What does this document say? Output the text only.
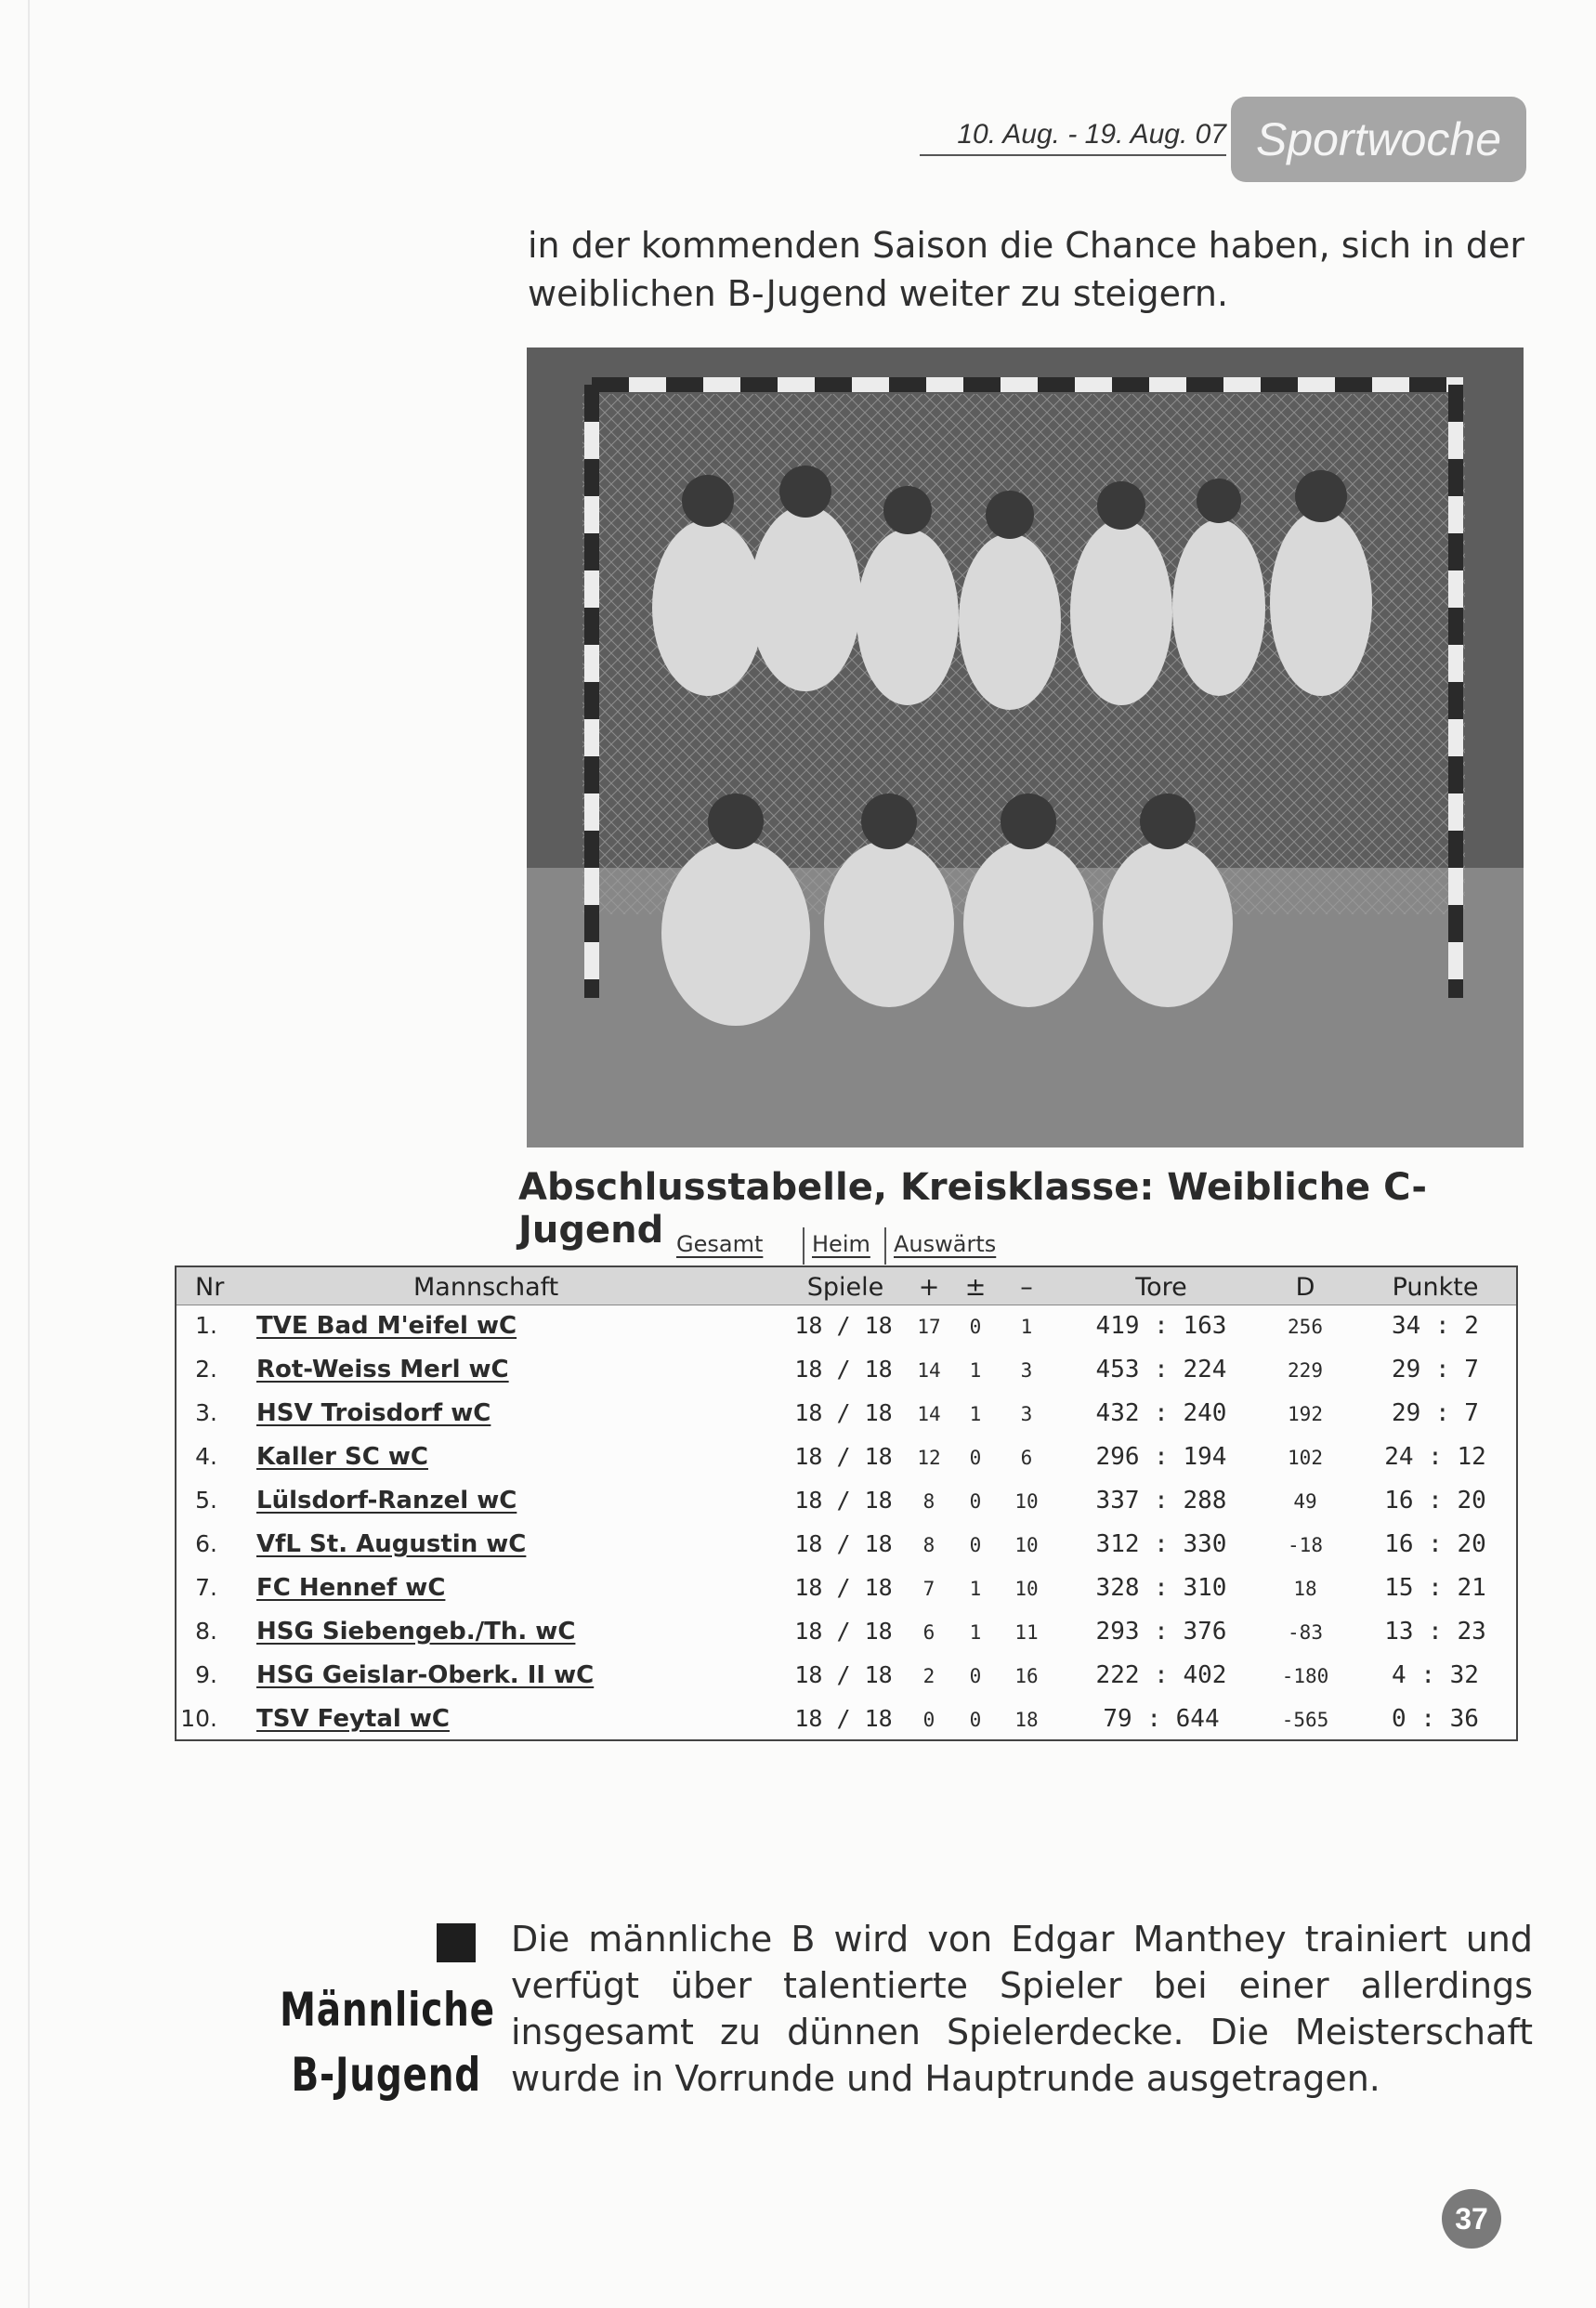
10. Aug. - 19. Aug. 07 Sportwoche
in der kommenden Saison die Chance haben, sich in der weiblichen B-Jugend weiter zu steigern.
Abschlusstabelle, Kreisklasse: Weibliche C-Jugend Gesamt Heim Auswärts
Nr	Mannschaft	Spiele	+	±	–	Tore	D	Punkte
1. TVE Bad M'eifel wC	18 / 18	17	0	1	419 : 163	256	34 : 2
2. Rot-Weiss Merl wC	18 / 18	14	1	3	453 : 224	229	29 : 7
3. HSV Troisdorf wC	18 / 18	14	1	3	432 : 240	192	29 : 7
4. Kaller SC wC	18 / 18	12	0	6	296 : 194	102	24 : 12
5. Lülsdorf-Ranzel wC	18 / 18	8	0	10	337 : 288	49	16 : 20
6. VfL St. Augustin wC	18 / 18	8	0	10	312 : 330	-18	16 : 20
7. FC Hennef wC	18 / 18	7	1	10	328 : 310	18	15 : 21
8. HSG Siebengeb./Th. wC	18 / 18	6	1	11	293 : 376	-83	13 : 23
9. HSG Geislar-Oberk. II wC	18 / 18	2	0	16	222 : 402	-180	4 : 32
10. TSV Feytal wC	18 / 18	0	0	18	79 : 644	-565	0 : 36
Männliche
B-Jugend
Die männliche B wird von Edgar Manthey trainiert und verfügt über talentierte Spieler bei einer allerdings insgesamt zu dünnen Spielerdecke. Die Meisterschaft wurde in Vorrunde und Hauptrunde ausgetragen.
37
